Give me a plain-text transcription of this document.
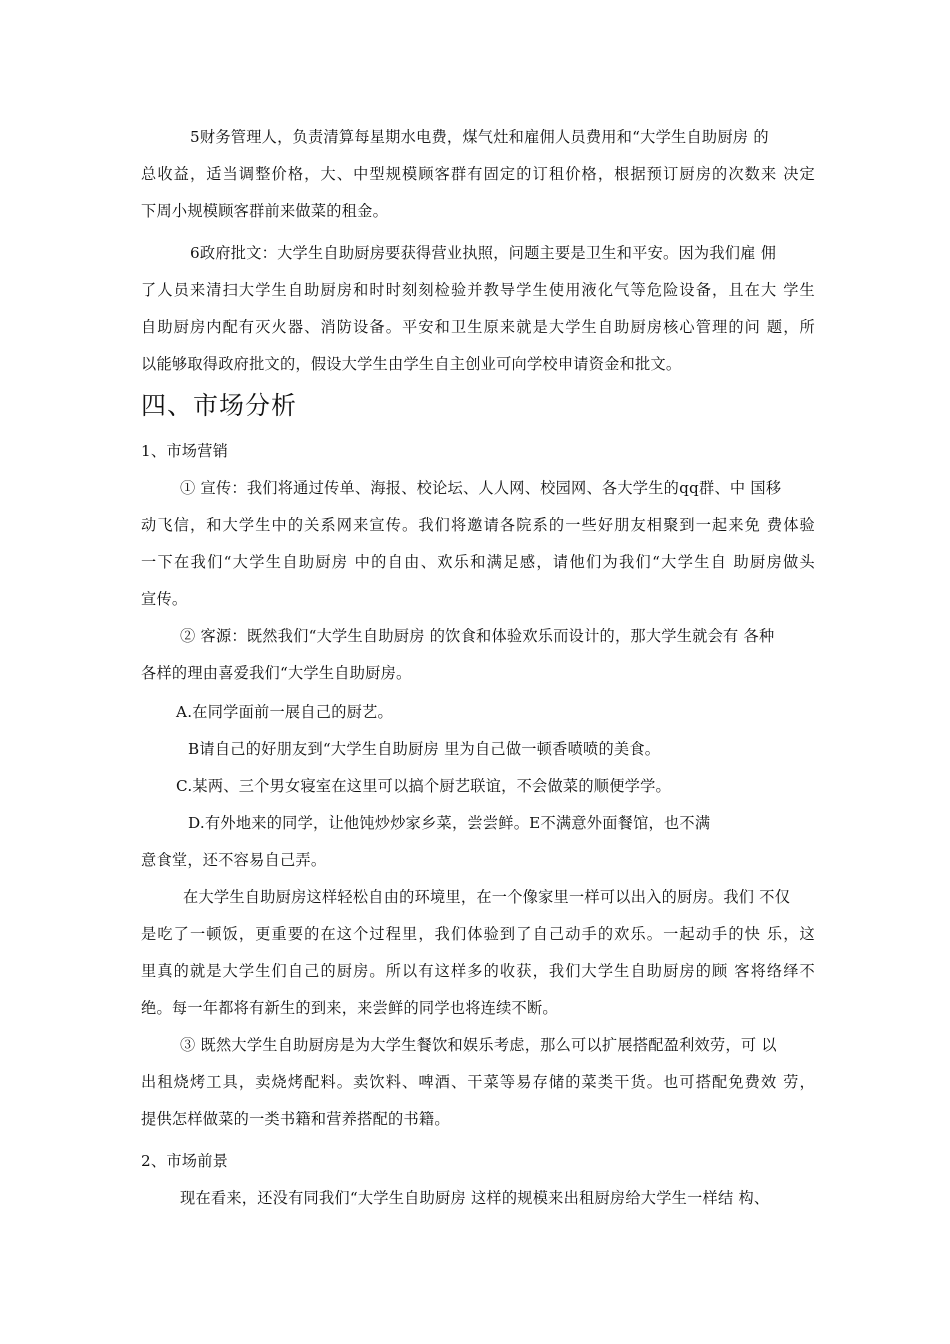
5财务管理人，负责清算每星期水电费，煤气灶和雇佣人员费用和“大学生自助厨房 的
总收益，适当调整价格，大、中型规模顾客群有固定的订租价格，根据预订厨房的次数来 决定
下周小规模顾客群前来做菜的租金。
6政府批文：大学生自助厨房要获得营业执照，问题主要是卫生和平安。因为我们雇 佣
了人员来清扫大学生自助厨房和时时刻刻检验并教导学生使用液化气等危险设备，且在大 学生
自助厨房内配有灭火器、消防设备。平安和卫生原来就是大学生自助厨房核心管理的问 题，所
以能够取得政府批文的，假设大学生由学生自主创业可向学校申请资金和批文。
四、市场分析
1、市场营销
① 宣传：我们将通过传单、海报、校论坛、人人网、校园网、各大学生的qq群、中 国移
动飞信，和大学生中的关系网来宣传。我们将邀请各院系的一些好朋友相聚到一起来免 费体验
一下在我们“大学生自助厨房 中的自由、欢乐和满足感，请他们为我们“大学生自 助厨房做头
宣传。
② 客源：既然我们“大学生自助厨房 的饮食和体验欢乐而设计的，那大学生就会有 各种
各样的理由喜爱我们“大学生自助厨房。
A.在同学面前一展自己的厨艺。
B请自己的好朋友到“大学生自助厨房 里为自己做一顿香喷喷的美食。
C.某两、三个男女寝室在这里可以搞个厨艺联谊，不会做菜的顺便学学。
D.有外地来的同学，让他饨炒炒家乡菜，尝尝鲜。E不满意外面餐馆，也不满
意食堂，还不容易自己弄。
在大学生自助厨房这样轻松自由的环境里，在一个像家里一样可以出入的厨房。我们 不仅
是吃了一顿饭，更重要的在这个过程里，我们体验到了自己动手的欢乐。一起动手的快 乐，这
里真的就是大学生们自己的厨房。所以有这样多的收获，我们大学生自助厨房的顾 客将络绎不
绝。每一年都将有新生的到来，来尝鲜的同学也将连续不断。
③ 既然大学生自助厨房是为大学生餐饮和娱乐考虑，那么可以扩展搭配盈利效劳，可 以
出租烧烤工具，卖烧烤配料。卖饮料、啤酒、干菜等易存储的菜类干货。也可搭配免费效 劳，
提供怎样做菜的一类书籍和营养搭配的书籍。
2、市场前景
现在看来，还没有同我们“大学生自助厨房 这样的规模来出租厨房给大学生一样结 构、
